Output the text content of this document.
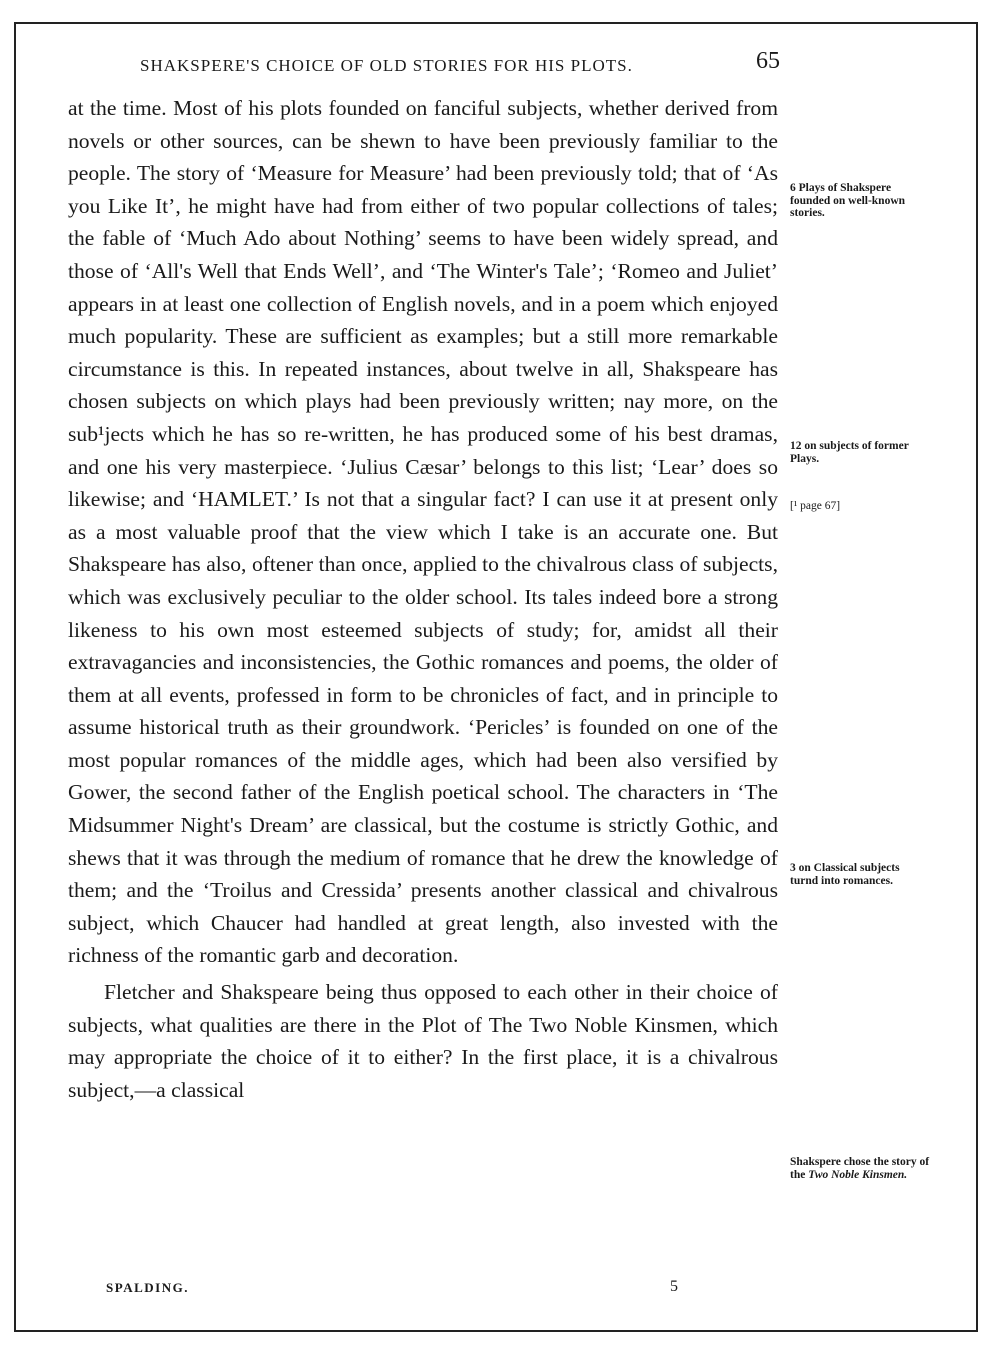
SHAKSPERE'S CHOICE OF OLD STORIES FOR HIS PLOTS.	65

at the time. Most of his plots founded on fanciful subjects, whether derived from novels or other sources, can be shewn to have been previously familiar to the people. The story of ‘Measure for Measure’ had been previously told; that of ‘As you Like It’, he might have had from either of two popular collections of tales; the fable of ‘Much Ado about Nothing’ seems to have been widely spread, and those of ‘All's Well that Ends Well’, and ‘The Winter's Tale’; ‘Romeo and Juliet’ appears in at least one collection of English novels, and in a poem which enjoyed much popularity. These are sufficient as examples; but a still more remarkable circumstance is this. In repeated instances, about twelve in all, Shakspeare has chosen subjects on which plays had been previously written; nay more, on the sub¹jects which he has so re-written, he has produced some of his best dramas, and one his very masterpiece. ‘Julius Cæsar’ belongs to this list; ‘Lear’ does so likewise; and ‘HAMLET.’ Is not that a singular fact? I can use it at present only as a most valuable proof that the view which I take is an accurate one. But Shakspeare has also, oftener than once, applied to the chivalrous class of subjects, which was exclusively peculiar to the older school. Its tales indeed bore a strong likeness to his own most esteemed subjects of study; for, amidst all their extravagancies and inconsistencies, the Gothic romances and poems, the older of them at all events, professed in form to be chronicles of fact, and in principle to assume historical truth as their groundwork. ‘Pericles’ is founded on one of the most popular romances of the middle ages, which had been also versified by Gower, the second father of the English poetical school. The characters in ‘The Midsummer Night's Dream’ are classical, but the costume is strictly Gothic, and shews that it was through the medium of romance that he drew the knowledge of them; and the ‘Troilus and Cressida’ presents another classical and chivalrous subject, which Chaucer had handled at great length, also invested with the richness of the romantic garb and decoration.

Fletcher and Shakspeare being thus opposed to each other in their choice of subjects, what qualities are there in the Plot of The Two Noble Kinsmen, which may appropriate the choice of it to either? In the first place, it is a chivalrous subject,—a classical

6 Plays of Shakspere founded on well-known stories.
12 on subjects of former Plays.
[¹ page 67]
3 on Classical subjects turnd into romances.
Shakspere chose the story of the Two Noble Kinsmen.
SPALDING.	5
